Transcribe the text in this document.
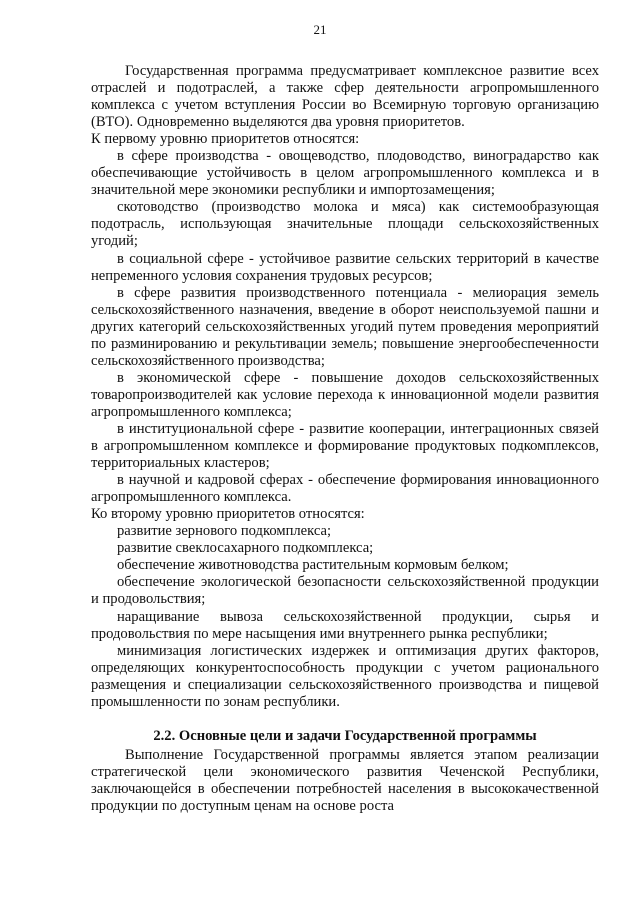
21

Государственная программа предусматривает комплексное развитие всех отраслей и подотраслей, а также сфер деятельности агропромышленного комплекса с учетом вступления России во Всемирную торговую организацию (ВТО). Одновременно выделяются два уровня приоритетов.

К первому уровню приоритетов относятся:

в сфере производства - овощеводство, плодоводство, виноградарство как обеспечивающие устойчивость в целом агропромышленного комплекса и в значительной мере экономики республики и импортозамещения;

скотоводство (производство молока и мяса) как системообразующая подотрасль, использующая значительные площади сельскохозяйственных угодий;

в социальной сфере - устойчивое развитие сельских территорий в качестве непременного условия сохранения трудовых ресурсов;

в сфере развития производственного потенциала - мелиорация земель сельскохозяйственного назначения, введение в оборот неиспользуемой пашни и других категорий сельскохозяйственных угодий путем проведения мероприятий по разминированию и рекультивации земель; повышение энергообеспеченности сельскохозяйственного производства;

в экономической сфере - повышение доходов сельскохозяйственных товаропроизводителей как условие перехода к инновационной модели развития агропромышленного комплекса;

в институциональной сфере - развитие кооперации, интеграционных связей в агропромышленном комплексе и формирование продуктовых подкомплексов, территориальных кластеров;

в научной и кадровой сферах - обеспечение формирования инновационного агропромышленного комплекса.

Ко второму уровню приоритетов относятся:

развитие зернового подкомплекса;

развитие свеклосахарного подкомплекса;

обеспечение животноводства растительным кормовым белком;

обеспечение экологической безопасности сельскохозяйственной продукции и продовольствия;

наращивание вывоза сельскохозяйственной продукции, сырья и продовольствия по мере насыщения ими внутреннего рынка республики;

минимизация логистических издержек и оптимизация других факторов, определяющих конкурентоспособность продукции с учетом рационального размещения и специализации сельскохозяйственного производства и пищевой промышленности по зонам республики.

2.2. Основные цели и задачи Государственной программы

Выполнение Государственной программы является этапом реализации стратегической цели экономического развития Чеченской Республики, заключающейся в обеспечении потребностей населения в высококачественной продукции по доступным ценам на основе роста
